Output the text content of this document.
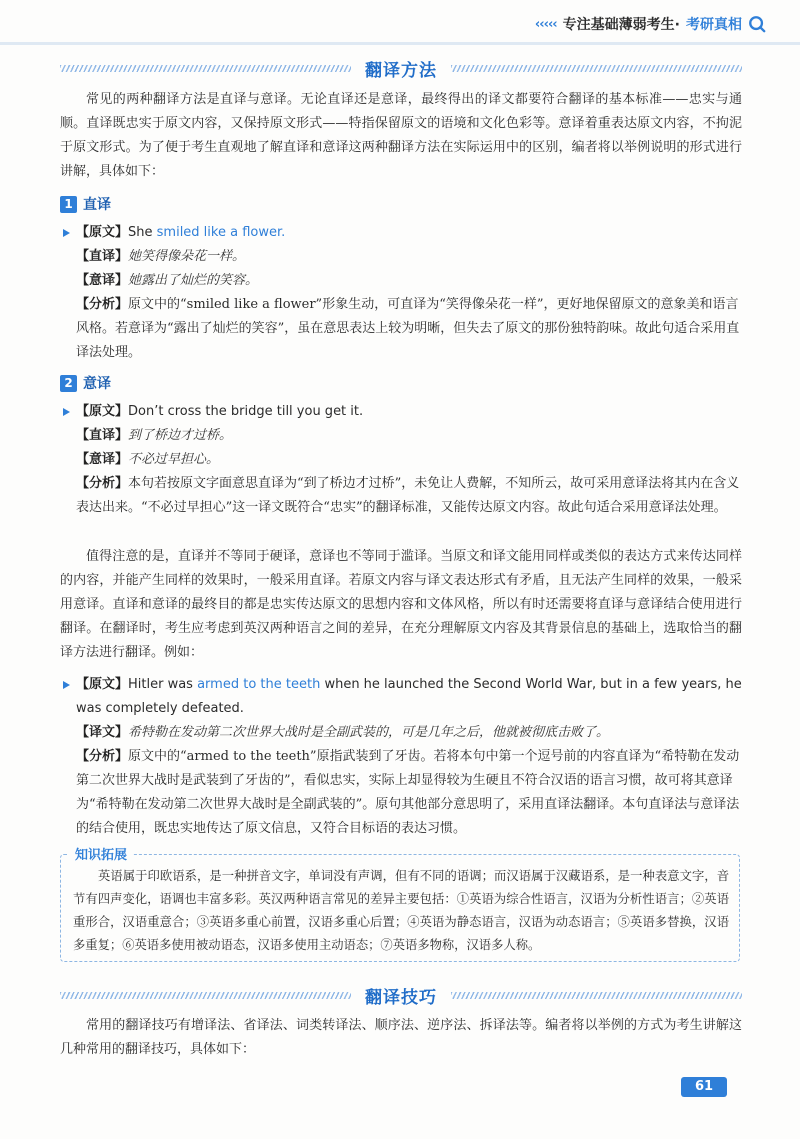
‹‹‹‹‹ 专注基础薄弱考生· 考研真相
翻译方法

常见的两种翻译方法是直译与意译。无论直译还是意译，最终得出的译文都要符合翻译的基本标准——忠实与通顺。直译既忠实于原文内容，又保持原文形式——特指保留原文的语境和文化色彩等。意译着重表达原文内容，不拘泥于原文形式。为了便于考生直观地了解直译和意译这两种翻译方法在实际运用中的区别，编者将以举例说明的形式进行讲解，具体如下：

1 直译
【原文】She smiled like a flower.
【直译】她笑得像朵花一样。
【意译】她露出了灿烂的笑容。
【分析】原文中的“smiled like a flower”形象生动，可直译为“笑得像朵花一样”，更好地保留原文的意象美和语言风格。若意译为“露出了灿烂的笑容”，虽在意思表达上较为明晰，但失去了原文的那份独特韵味。故此句适合采用直译法处理。
2 意译
【原文】Don’t cross the bridge till you get it.
【直译】到了桥边才过桥。
【意译】不必过早担心。
【分析】本句若按原文字面意思直译为“到了桥边才过桥”，未免让人费解，不知所云，故可采用意译法将其内在含义表达出来。“不必过早担心”这一译文既符合“忠实”的翻译标准，又能传达原文内容。故此句适合采用意译法处理。

值得注意的是，直译并不等同于硬译，意译也不等同于滥译。当原文和译文能用同样或类似的表达方式来传达同样的内容，并能产生同样的效果时，一般采用直译。若原文内容与译文表达形式有矛盾，且无法产生同样的效果，一般采用意译。直译和意译的最终目的都是忠实传达原文的思想内容和文体风格，所以有时还需要将直译与意译结合使用进行翻译。在翻译时，考生应考虑到英汉两种语言之间的差异，在充分理解原文内容及其背景信息的基础上，选取恰当的翻译方法进行翻译。例如：

【原文】Hitler was armed to the teeth when he launched the Second World War, but in a few years, he was completely defeated.
【译文】希特勒在发动第二次世界大战时是全副武装的，可是几年之后，他就被彻底击败了。
【分析】原文中的“armed to the teeth”原指武装到了牙齿。若将本句中第一个逗号前的内容直译为“希特勒在发动第二次世界大战时是武装到了牙齿的”，看似忠实，实际上却显得较为生硬且不符合汉语的语言习惯，故可将其意译为“希特勒在发动第二次世界大战时是全副武装的”。原句其他部分意思明了，采用直译法翻译。本句直译法与意译法的结合使用，既忠实地传达了原文信息，又符合目标语的表达习惯。
知识拓展
英语属于印欧语系，是一种拼音文字，单词没有声调，但有不同的语调；而汉语属于汉藏语系，是一种表意文字，音节有四声变化，语调也丰富多彩。英汉两种语言常见的差异主要包括：①英语为综合性语言，汉语为分析性语言；②英语重形合，汉语重意合；③英语多重心前置，汉语多重心后置；④英语为静态语言，汉语为动态语言；⑤英语多替换，汉语多重复；⑥英语多使用被动语态，汉语多使用主动语态；⑦英语多物称，汉语多人称。
翻译技巧

常用的翻译技巧有增译法、省译法、词类转译法、顺序法、逆序法、拆译法等。编者将以举例的方式为考生讲解这几种常用的翻译技巧，具体如下：

61
